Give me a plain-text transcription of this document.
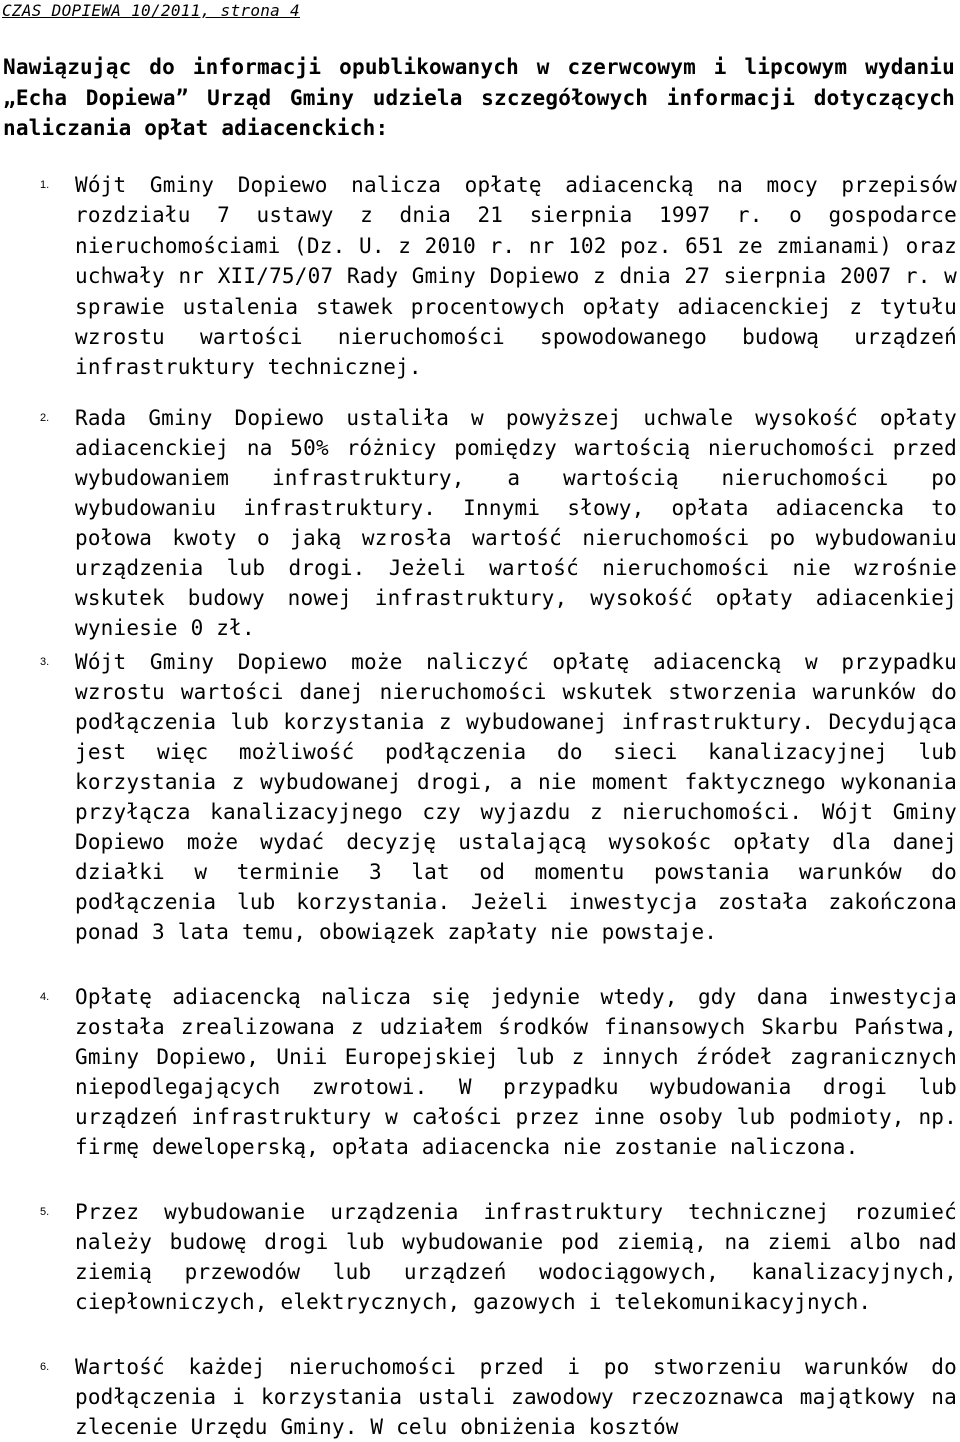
CZAS DOPIEWA 10/2011, strona 4

Nawiązując do informacji opublikowanych w czerwcowym i lipcowym wydaniu „Echa Dopiewa” Urząd Gminy udziela szczegółowych informacji dotyczących naliczania opłat adiacenckich:

1. Wójt Gminy Dopiewo nalicza opłatę adiacencką na mocy przepisów rozdziału 7 ustawy z dnia 21 sierpnia 1997 r. o gospodarce nieruchomościami (Dz. U. z 2010 r. nr 102 poz. 651 ze zmianami) oraz uchwały nr XII/75/07 Rady Gminy Dopiewo z dnia 27 sierpnia 2007 r. w sprawie ustalenia stawek procentowych opłaty adiacenckiej z tytułu wzrostu wartości nieruchomości spowodowanego budową urządzeń infrastruktury technicznej.
2. Rada Gminy Dopiewo ustaliła w powyższej uchwale wysokość opłaty adiacenckiej na 50% różnicy pomiędzy wartością nieruchomości przed wybudowaniem infrastruktury, a wartością nieruchomości po wybudowaniu infrastruktury. Innymi słowy, opłata adiacencka to połowa kwoty o jaką wzrosła wartość nieruchomości po wybudowaniu urządzenia lub drogi. Jeżeli wartość nieruchomości nie wzrośnie wskutek budowy nowej infrastruktury, wysokość opłaty adiacenkiej wyniesie 0 zł.
3. Wójt Gminy Dopiewo może naliczyć opłatę adiacencką w przypadku wzrostu wartości danej nieruchomości wskutek stworzenia warunków do podłączenia lub korzystania z wybudowanej infrastruktury. Decydująca jest więc możliwość podłączenia do sieci kanalizacyjnej lub korzystania z wybudowanej drogi, a nie moment faktycznego wykonania przyłącza kanalizacyjnego czy wyjazdu z nieruchomości. Wójt Gminy Dopiewo może wydać decyzję ustalającą wysokośc opłaty dla danej działki w terminie 3 lat od momentu powstania warunków do podłączenia lub korzystania. Jeżeli inwestycja została zakończona ponad 3 lata temu, obowiązek zapłaty nie powstaje.
4. Opłatę adiacencką nalicza się jedynie wtedy, gdy dana inwestycja została zrealizowana z udziałem środków finansowych Skarbu Państwa, Gminy Dopiewo, Unii Europejskiej lub z innych źródeł zagranicznych niepodlegających zwrotowi. W przypadku wybudowania drogi lub urządzeń infrastruktury w całości przez inne osoby lub podmioty, np. firmę deweloperską, opłata adiacencka nie zostanie naliczona.
5. Przez wybudowanie urządzenia infrastruktury technicznej rozumieć należy budowę drogi lub wybudowanie pod ziemią, na ziemi albo nad ziemią przewodów lub urządzeń wodociągowych, kanalizacyjnych, ciepłowniczych, elektrycznych, gazowych i telekomunikacyjnych.
6. Wartość każdej nieruchomości przed i po stworzeniu warunków do podłączenia i korzystania ustali zawodowy rzeczoznawca majątkowy na zlecenie Urzędu Gminy. W celu obniżenia kosztów
